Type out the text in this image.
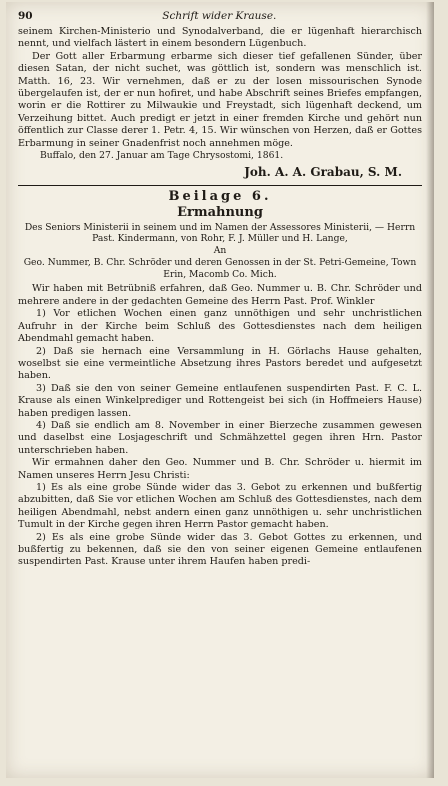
90	Schrift wider Krause.

seinem Kirchen-Ministerio und Synodalverband, die er lügenhaft hierarchisch nennt, und vielfach lästert in einem besondern Lügenbuch.

Der Gott aller Erbarmung erbarme sich dieser tief gefallenen Sünder, über diesen Satan, der nicht suchet, was göttlich ist, sondern was menschlich ist. Matth. 16, 23. Wir vernehmen, daß er zu der losen missourischen Synode übergelaufen ist, der er nun hofiret, und habe Abschrift seines Briefes empfangen, worin er die Rottirer zu Milwaukie und Freystadt, sich lügenhaft deckend, um Verzeihung bittet. Auch predigt er jetzt in einer fremden Kirche und gehört nun öffentlich zur Classe derer 1. Petr. 4, 15. Wir wünschen von Herzen, daß er Gottes Erbarmung in seiner Gnadenfrist noch annehmen möge.

Buffalo, den 27. Januar am Tage Chrysostomi, 1861.

Joh. A. A. Grabau, S. M.
Beilage 6.
Ermahnung

Des Seniors Ministerii in seinem und im Namen der Assessores Ministerii, — Herrn Past. Kindermann, von Rohr, F. J. Müller und H. Lange,

An

Geo. Nummer, B. Chr. Schröder und deren Genossen in der St. Petri-Gemeine, Town Erin, Macomb Co. Mich.

Wir haben mit Betrübniß erfahren, daß Geo. Nummer u. B. Chr. Schröder und mehrere andere in der gedachten Gemeine des Herrn Past. Prof. Winkler

1) Vor etlichen Wochen einen ganz unnöthigen und sehr unchristlichen Aufruhr in der Kirche beim Schluß des Gottesdienstes nach dem heiligen Abendmahl gemacht haben.

2) Daß sie hernach eine Versammlung in H. Görlachs Hause gehalten, woselbst sie eine vermeintliche Absetzung ihres Pastors beredet und aufgesetzt haben.

3) Daß sie den von seiner Gemeine entlaufenen suspendirten Past. F. C. L. Krause als einen Winkelprediger und Rottengeist bei sich (in Hoffmeiers Hause) haben predigen lassen.

4) Daß sie endlich am 8. November in einer Bierzeche zusammen gewesen und daselbst eine Losjageschrift und Schmähzettel gegen ihren Hrn. Pastor unterschrieben haben.

Wir ermahnen daher den Geo. Nummer und B. Chr. Schröder u. hiermit im Namen unseres Herrn Jesu Christi:

1) Es als eine grobe Sünde wider das 3. Gebot zu erkennen und bußfertig abzubitten, daß Sie vor etlichen Wochen am Schluß des Gottesdienstes, nach dem heiligen Abendmahl, nebst andern einen ganz unnöthigen u. sehr unchristlichen Tumult in der Kirche gegen ihren Herrn Pastor gemacht haben.

2) Es als eine grobe Sünde wider das 3. Gebot Gottes zu erkennen, und bußfertig zu bekennen, daß sie den von seiner eigenen Gemeine entlaufenen suspendirten Past. Krause unter ihrem Haufen haben predi-
